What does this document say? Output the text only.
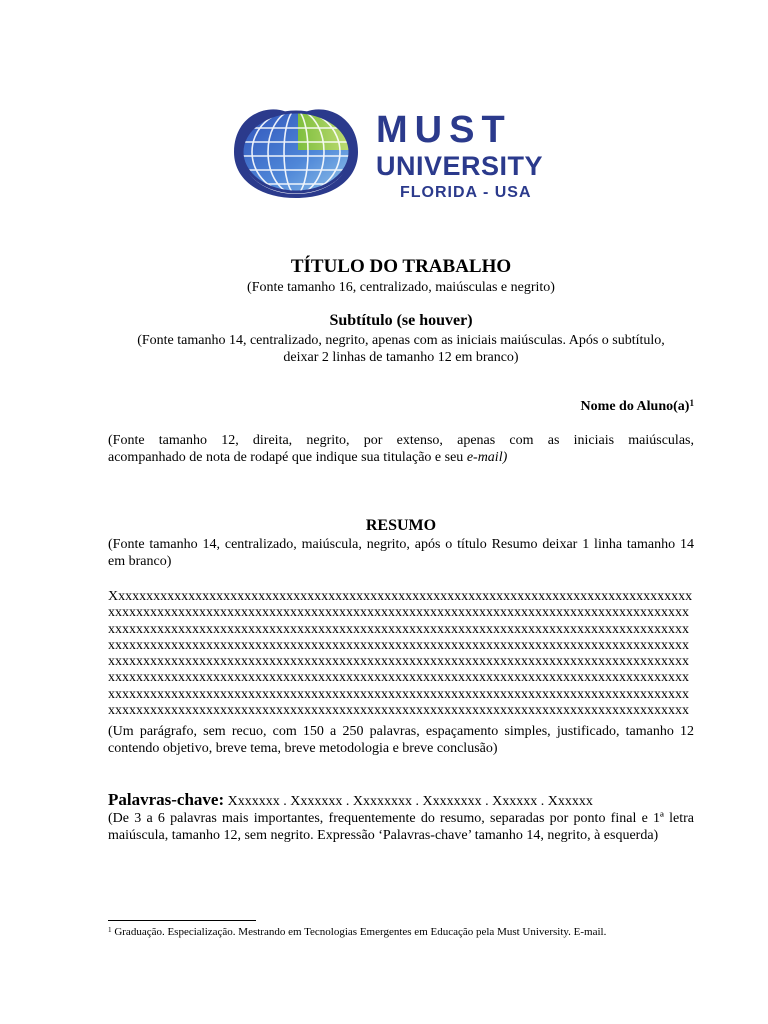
MUST
UNIVERSITY
FLORIDA - USA
TÍTULO DO TRABALHO
(Fonte tamanho 16, centralizado, maiúsculas e negrito)
Subtítulo (se houver)
(Fonte tamanho 14, centralizado, negrito, apenas com as iniciais maiúsculas. Após o subtítulo,
deixar 2 linhas de tamanho 12 em branco)
Nome do $Aluno(a)^1$
(Fonte tamanho 12, direita, negrito, por extenso, apenas com as iniciais maiúsculas,
acompanhado de nota de rodapé que indique sua titulação e seu e-mail)
RESUMO
(Fonte tamanho 14, centralizado, maiúscula, negrito, após o título Resumo deixar 1 linha tamanho 14 em branco)
Xxxxxxxxxxxxxxxxxxxxxxxxxxxxxxxxxxxxxxxxxxxxxxxxxxxxxxxxxxxxxxxxxxxxxxxxxxxxxxxxxxxxxxxxxxxxxxxxxxxxxxxxxxxxxxxxxxxxxxxxxxxxxxxxxxxxxxxxxxxxxxxxxxxxxxxxxxxxxxxxxxxxxxxxxxxxxxxxxxxxxxxxxxxxxxxxxxxxxxxxxxxxxxxxxxxxxxxxxxxxxxxxxxxxxxxxxxxxxxxxxxxxxxxxxxxxxxxxxxxxxxxxxxxxxxxxxxxxxxxxxxxxxxxxxxxxxxxxxxxxxxxxxxxxxxxxxxxxxxxxxxxxxxxxxxxxxxxxxxxxxxxxxxxxxxxxxxxxxxxxxxxxxxxxxxxxxxxxxxxxxxxxxxxxxxxxxxxxxxxxxxxxxxxxxxxxxxxxxxxxxxxxxxxxxxxxxxxxxxxxxxxxxxxxxxxxxxxxxxxxxxxxxxxxxxxxxxxxxxxxxxxxxxxxxxxxxxxxxxxxxxxxxxxxxxxxxxxxxxxxxxxxxxxxxxxxxxxxxxxxxxxxxxxxxxxxxxxxxxxxxxxxxxxxxxxxxxxxxxxxxxxxxxxxxxxxxxxxxxxxxxxxxxxxxxxxxxxxxxxxxxxxxxxxxxxxxxxxxxxxxxxxxxxxxxxxxxxxxxxxxxxx
(Um parágrafo, sem recuo, com 150 a 250 palavras, espaçamento simples, justificado, tamanho 12 contendo objetivo, breve tema, breve metodologia e breve conclusão)
Palavras-chave: Xxxxxxx . Xxxxxxx . Xxxxxxxx . Xxxxxxxx . Xxxxxx . Xxxxxx
(De 3 a 6 palavras mais importantes, frequentemente do resumo, separadas por ponto final e 1ª letra maiúscula, tamanho 12, sem negrito. Expressão ‘Palavras-chave’ tamanho 14, negrito, à esquerda)
$^1$ Graduação. Especialização. Mestrando em Tecnologias Emergentes em Educação pela Must University. E-mail.
